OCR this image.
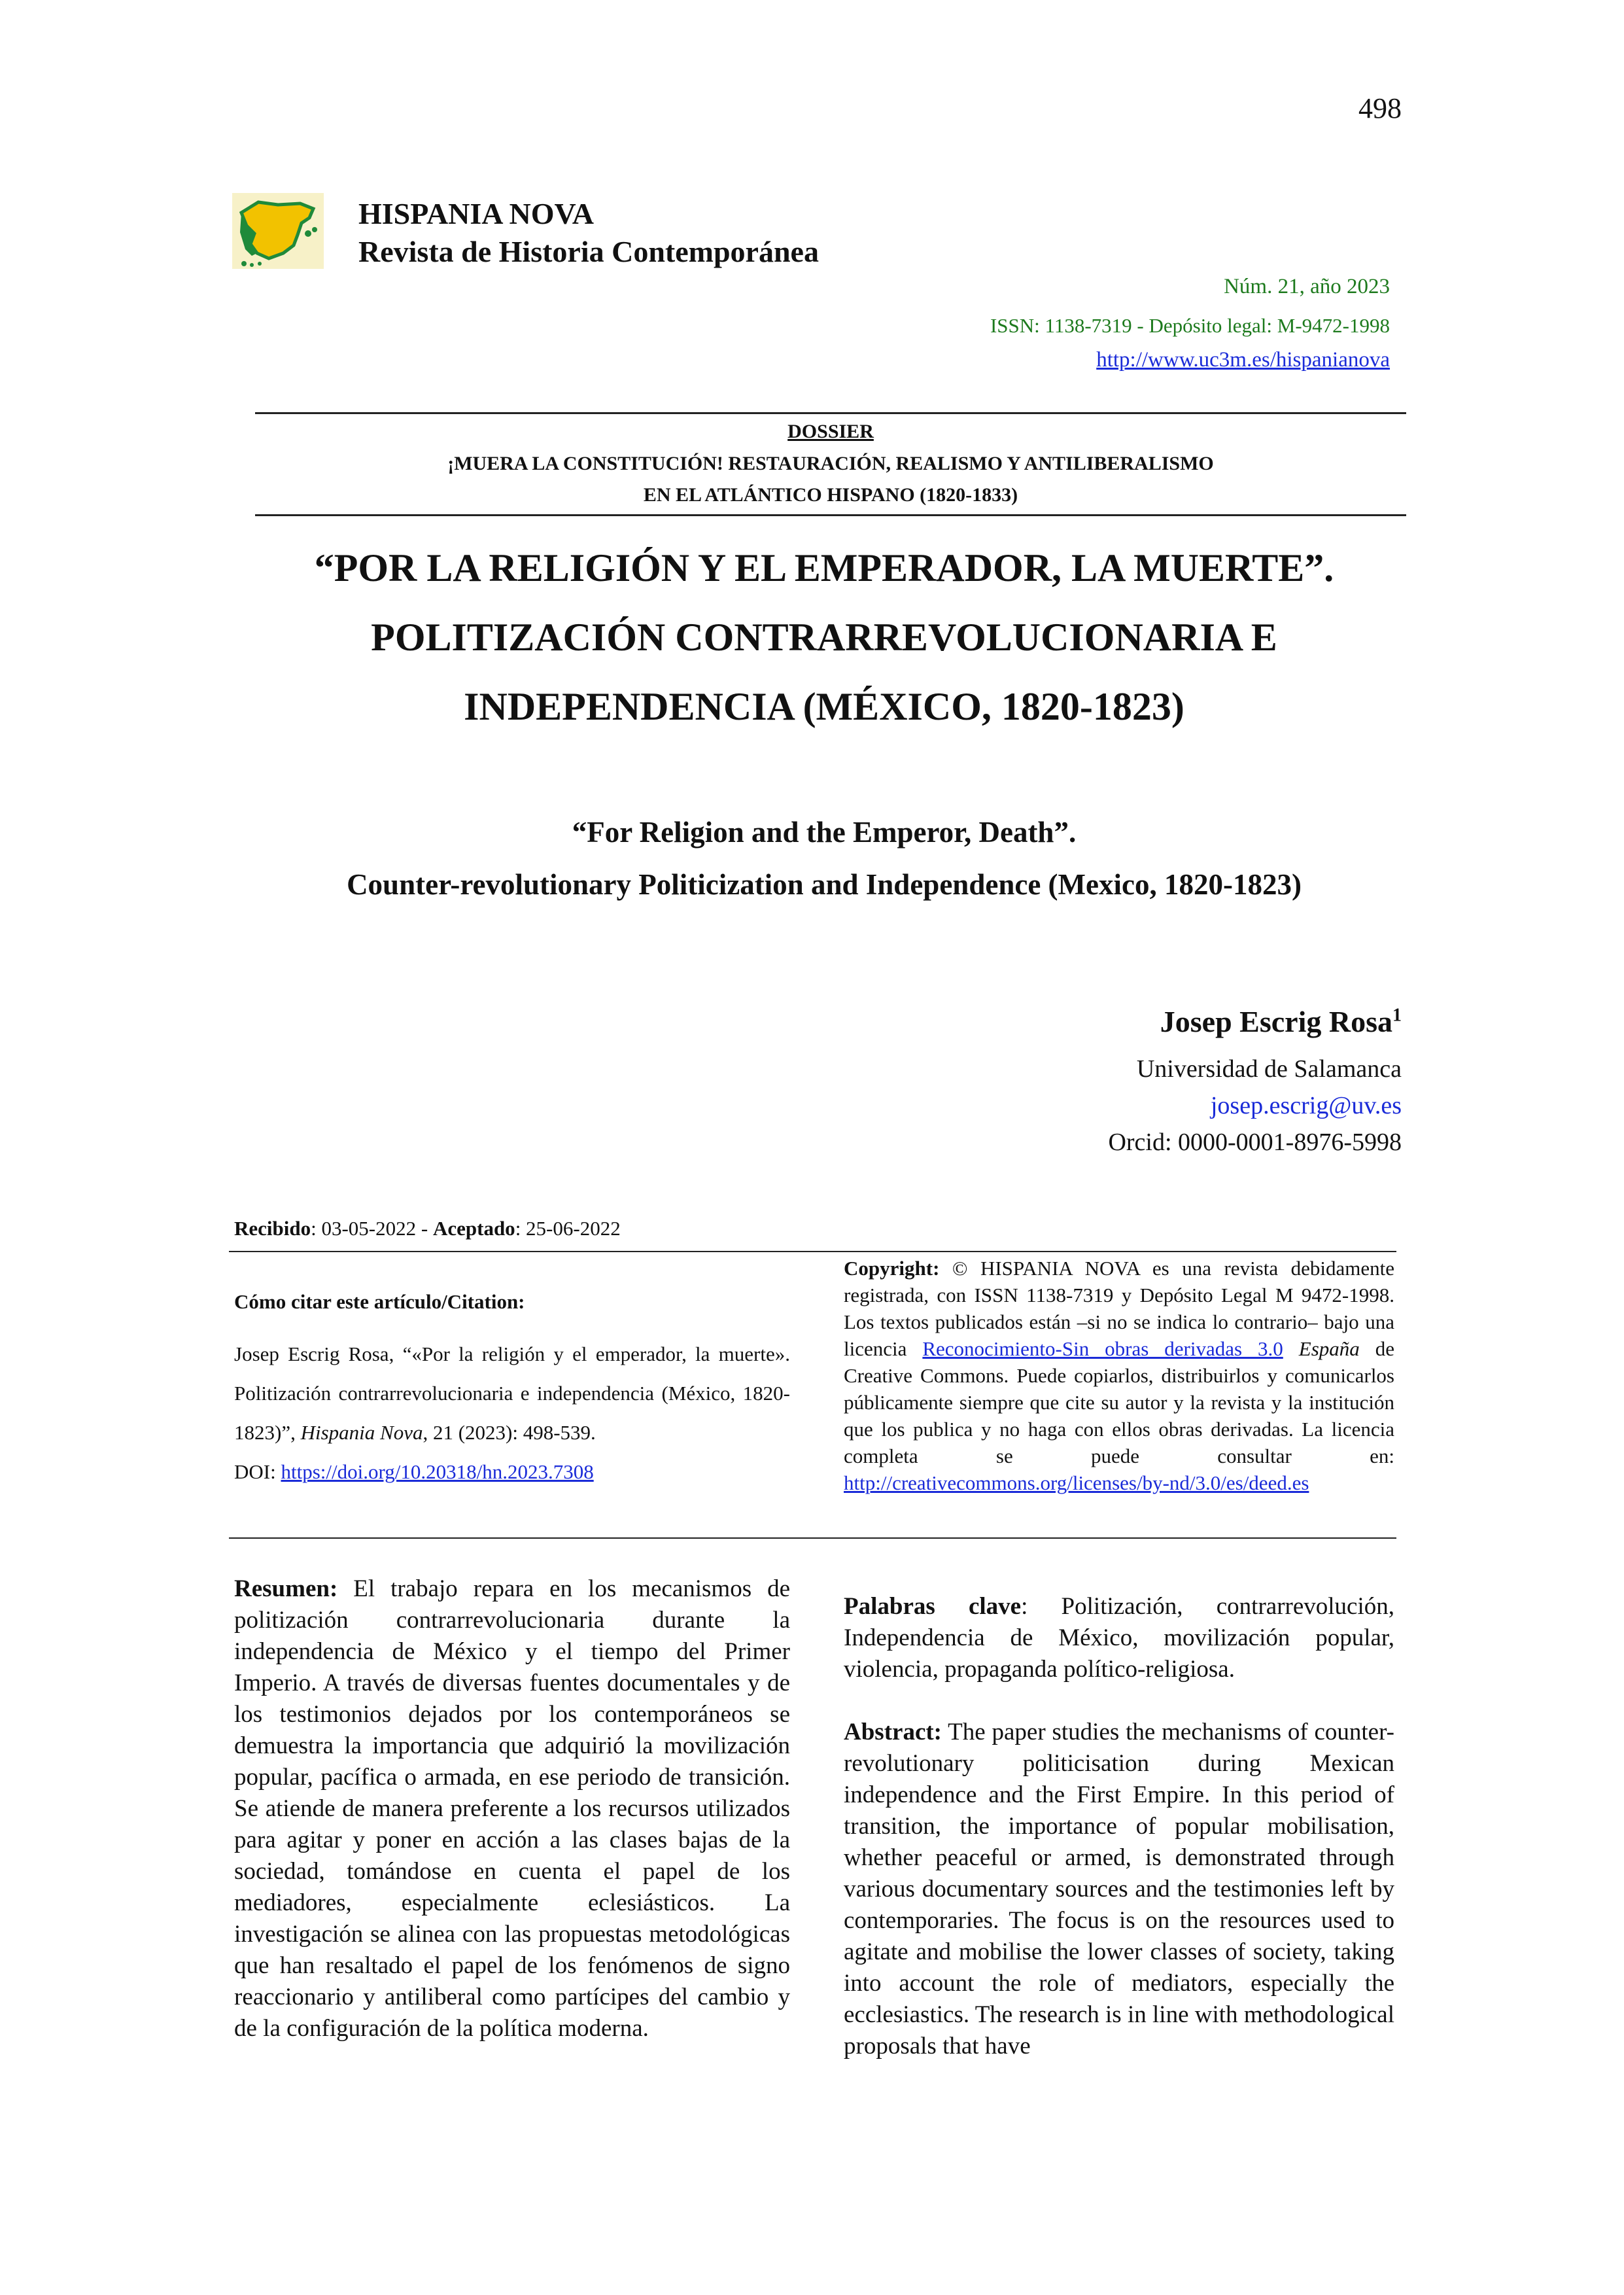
498
HISPANIA NOVA
Revista de Historia Contemporánea
Núm. 21, año 2023
ISSN: 1138-7319 - Depósito legal: M-9472-1998
http://www.uc3m.es/hispanianova
DOSSIER
¡MUERA LA CONSTITUCIÓN! RESTAURACIÓN, REALISMO Y ANTILIBERALISMO
EN EL ATLÁNTICO HISPANO (1820-1833)
“POR LA RELIGIÓN Y EL EMPERADOR, LA MUERTE”.
POLITIZACIÓN CONTRARREVOLUCIONARIA E
INDEPENDENCIA (MÉXICO, 1820-1823)
“For Religion and the Emperor, Death”.
Counter-revolutionary Politicization and Independence (Mexico, 1820-1823)
Josep Escrig Rosa$^1$
Universidad de Salamanca
josep.escrig@uv.es
Orcid: 0000-0001-8976-5998
Recibido: 03-05-2022 - Aceptado: 25-06-2022
Cómo citar este artículo/Citation:
Josep Escrig Rosa, “«Por la religión y el emperador, la muerte». Politización contrarrevolucionaria e independencia (México, 1820-1823)”, Hispania Nova, 21 (2023): 498-539.
DOI: https://doi.org/10.20318/hn.2023.7308
Copyright: © HISPANIA NOVA es una revista debidamente registrada, con ISSN 1138-7319 y Depósito Legal M 9472-1998. Los textos publicados están –si no se indica lo contrario– bajo una licencia Reconocimiento-Sin obras derivadas 3.0 España de Creative Commons. Puede copiarlos, distribuirlos y comunicarlos públicamente siempre que cite su autor y la revista y la institución que los publica y no haga con ellos obras derivadas. La licencia completa se puede consultar en: http://creativecommons.org/licenses/by-nd/3.0/es/deed.es
Resumen: El trabajo repara en los mecanismos de politización contrarrevolucionaria durante la independencia de México y el tiempo del Primer Imperio. A través de diversas fuentes documentales y de los testimonios dejados por los contemporáneos se demuestra la importancia que adquirió la movilización popular, pacífica o armada, en ese periodo de transición. Se atiende de manera preferente a los recursos utilizados para agitar y poner en acción a las clases bajas de la sociedad, tomándose en cuenta el papel de los mediadores, especialmente eclesiásticos. La investigación se alinea con las propuestas metodológicas que han resaltado el papel de los fenómenos de signo reaccionario y antiliberal como partícipes del cambio y de la configuración de la política moderna.
Palabras clave: Politización, contrarrevolución, Independencia de México, movilización popular, violencia, propaganda político-religiosa.
Abstract: The paper studies the mechanisms of counter-revolutionary politicisation during Mexican independence and the First Empire. In this period of transition, the importance of popular mobilisation, whether peaceful or armed, is demonstrated through various documentary sources and the testimonies left by contemporaries. The focus is on the resources used to agitate and mobilise the lower classes of society, taking into account the role of mediators, especially the ecclesiastics. The research is in line with methodological proposals that have
